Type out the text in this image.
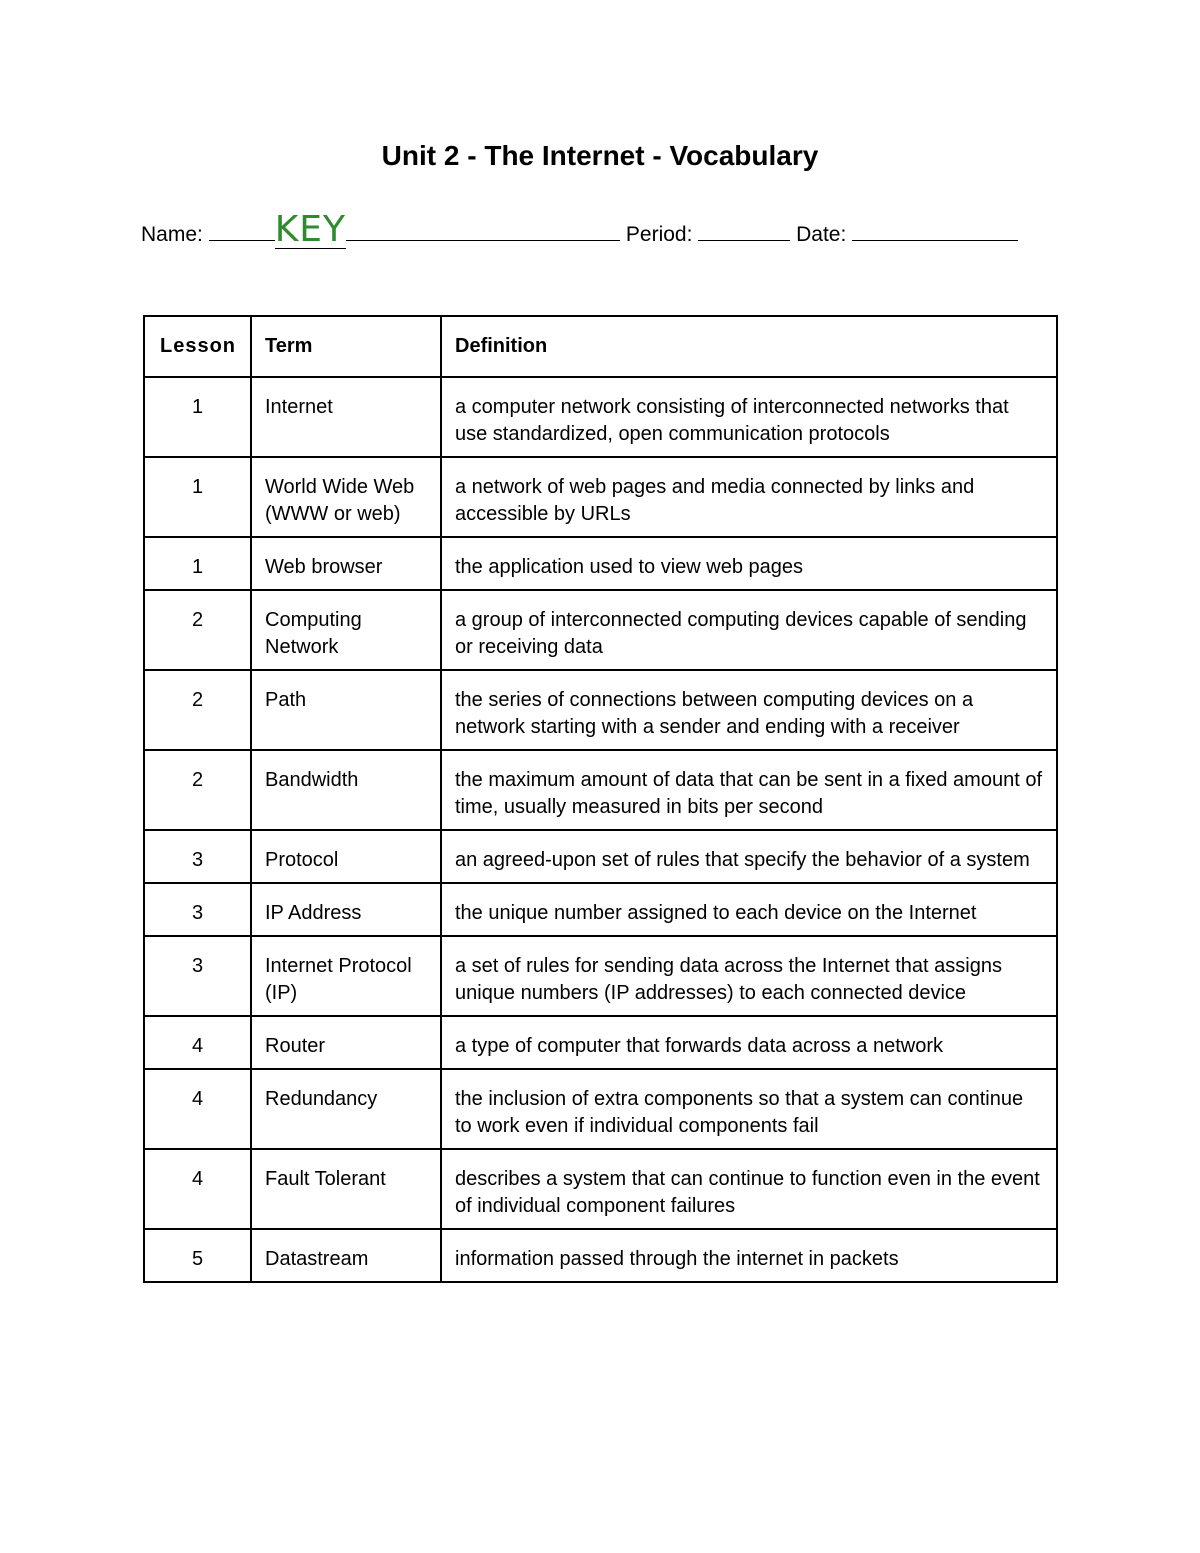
Unit 2 - The Internet - Vocabulary
Name: KEY	Period:	Date:
Lesson	Term	Definition
1	Internet	a computer network consisting of interconnected networks that use standardized, open communication protocols
1	World Wide Web (WWW or web)	a network of web pages and media connected by links and accessible by URLs
1	Web browser	the application used to view web pages
2	Computing Network	a group of interconnected computing devices capable of sending or receiving data
2	Path	the series of connections between computing devices on a network starting with a sender and ending with a receiver
2	Bandwidth	the maximum amount of data that can be sent in a fixed amount of time, usually measured in bits per second
3	Protocol	an agreed-upon set of rules that specify the behavior of a system
3	IP Address	the unique number assigned to each device on the Internet
3	Internet Protocol (IP)	a set of rules for sending data across the Internet that assigns unique numbers (IP addresses) to each connected device
4	Router	a type of computer that forwards data across a network
4	Redundancy	the inclusion of extra components so that a system can continue to work even if individual components fail
4	Fault Tolerant	describes a system that can continue to function even in the event of individual component failures
5	Datastream	information passed through the internet in packets
